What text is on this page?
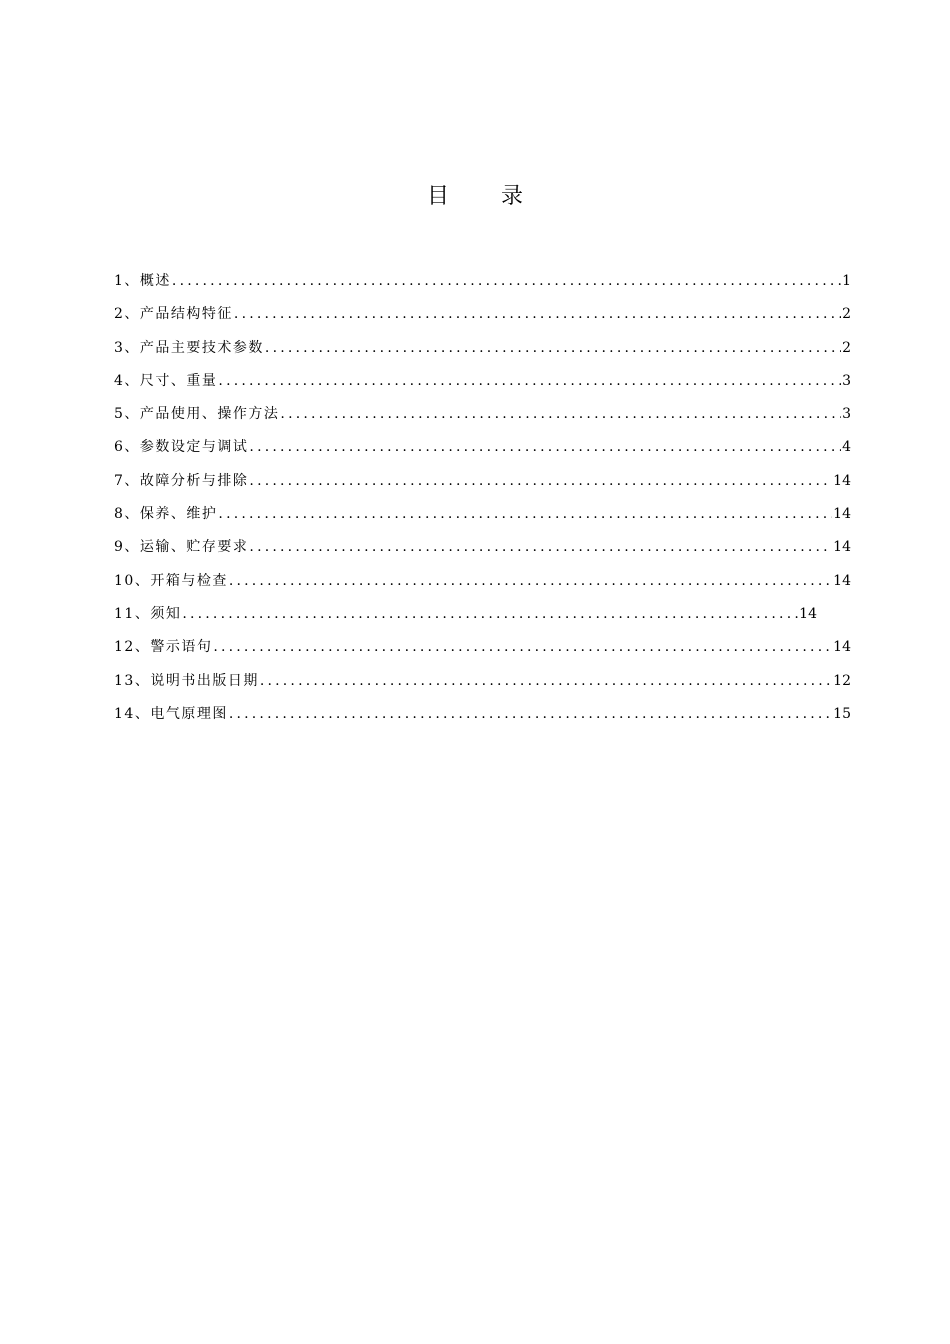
目 录
1、概述 .....	1
2、产品结构特征 .....	2
3、产品主要技术参数 .....	2
4、尺寸、重量 .....	3
5、产品使用、操作方法 .....	3
6、参数设定与调试 .....	4
7、故障分析与排除 .....	14
8、保养、维护 .....	14
9、运输、贮存要求 .....	14
10、开箱与检查 .....	14
11、须知 .....	14
12、警示语句 .....	14
13、说明书出版日期 .....	12
14、电气原理图 .....	15
